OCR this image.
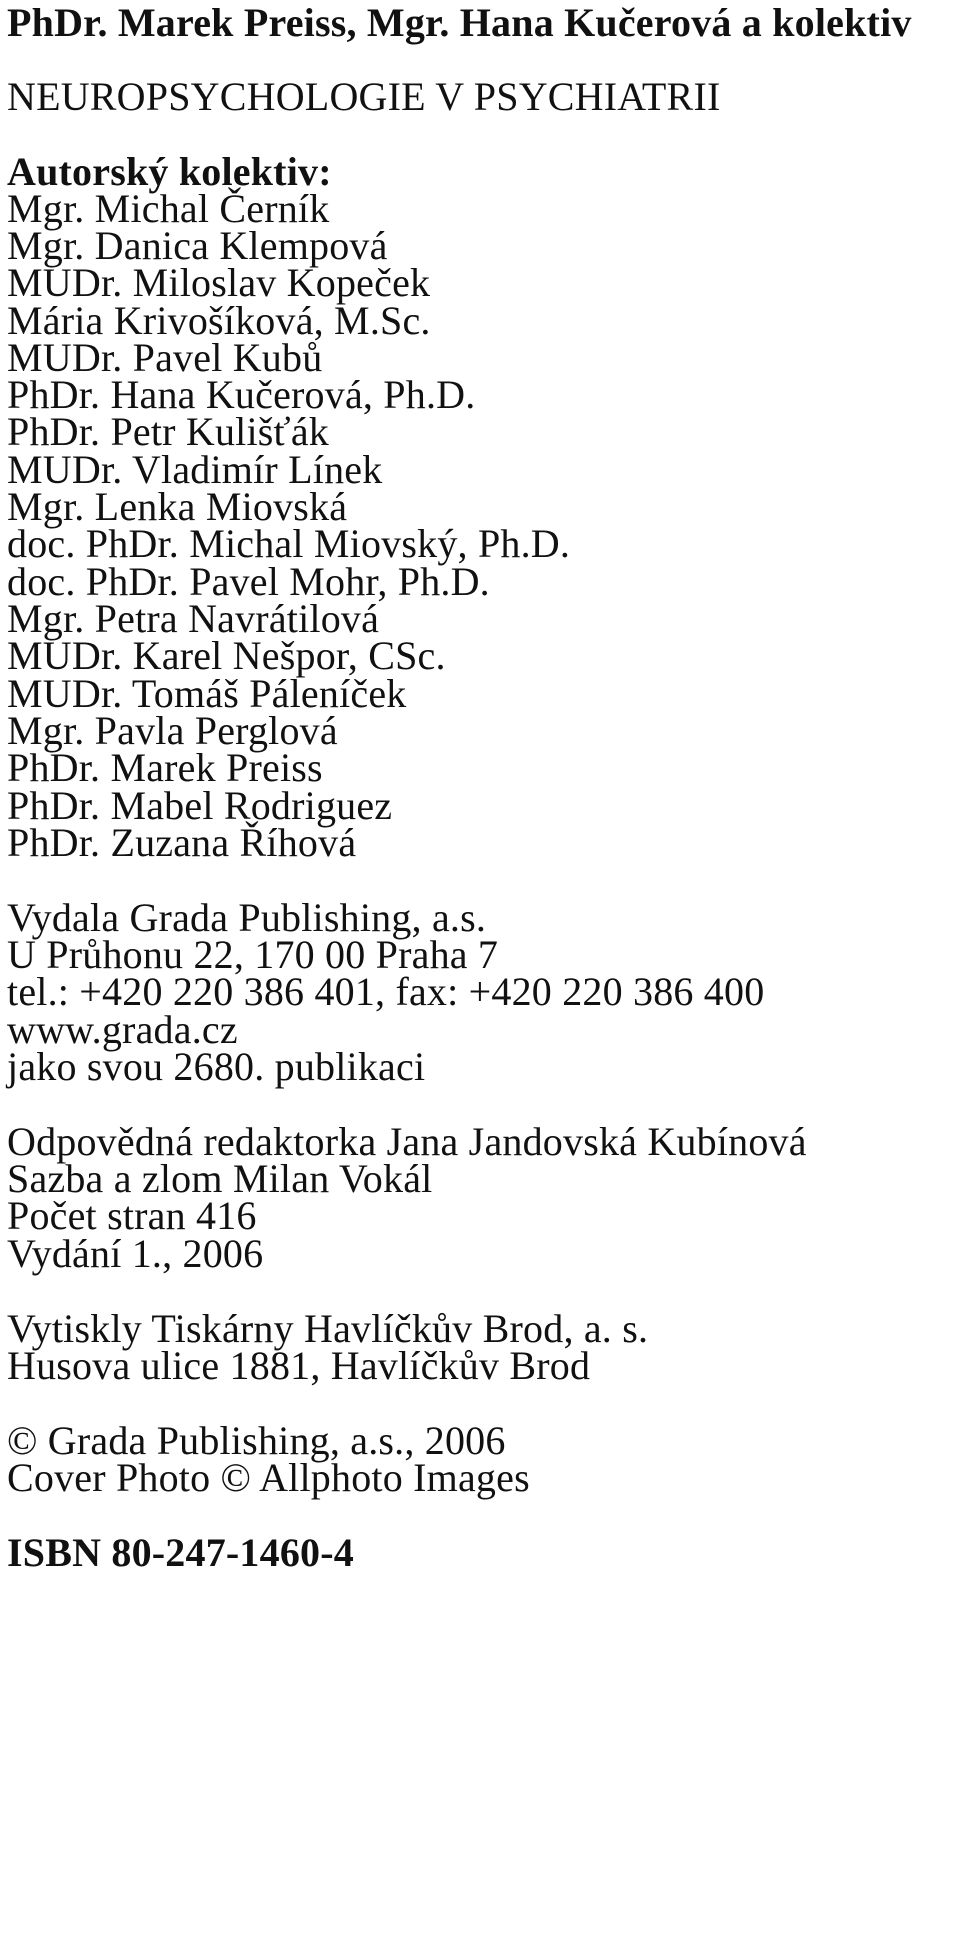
PhDr. Marek Preiss, Mgr. Hana Kučerová a kolektiv
NEUROPSYCHOLOGIE V PSYCHIATRII
Autorský kolektiv:
Mgr. Michal Černík
Mgr. Danica Klempová
MUDr. Miloslav Kopeček
Mária Krivošíková, M.Sc.
MUDr. Pavel Kubů
PhDr. Hana Kučerová, Ph.D.
PhDr. Petr Kulišťák
MUDr. Vladimír Línek
Mgr. Lenka Miovská
doc. PhDr. Michal Miovský, Ph.D.
doc. PhDr. Pavel Mohr, Ph.D.
Mgr. Petra Navrátilová
MUDr. Karel Nešpor, CSc.
MUDr. Tomáš Páleníček
Mgr. Pavla Perglová
PhDr. Marek Preiss
PhDr. Mabel Rodriguez
PhDr. Zuzana Říhová
Vydala Grada Publishing, a.s.
U Průhonu 22, 170 00 Praha 7
tel.: +420 220 386 401, fax: +420 220 386 400
www.grada.cz
jako svou 2680. publikaci
Odpovědná redaktorka Jana Jandovská Kubínová
Sazba a zlom Milan Vokál
Počet stran 416
Vydání 1., 2006
Vytiskly Tiskárny Havlíčkův Brod, a. s.
Husova ulice 1881, Havlíčkův Brod
© Grada Publishing, a.s., 2006
Cover Photo © Allphoto Images
ISBN 80-247-1460-4
